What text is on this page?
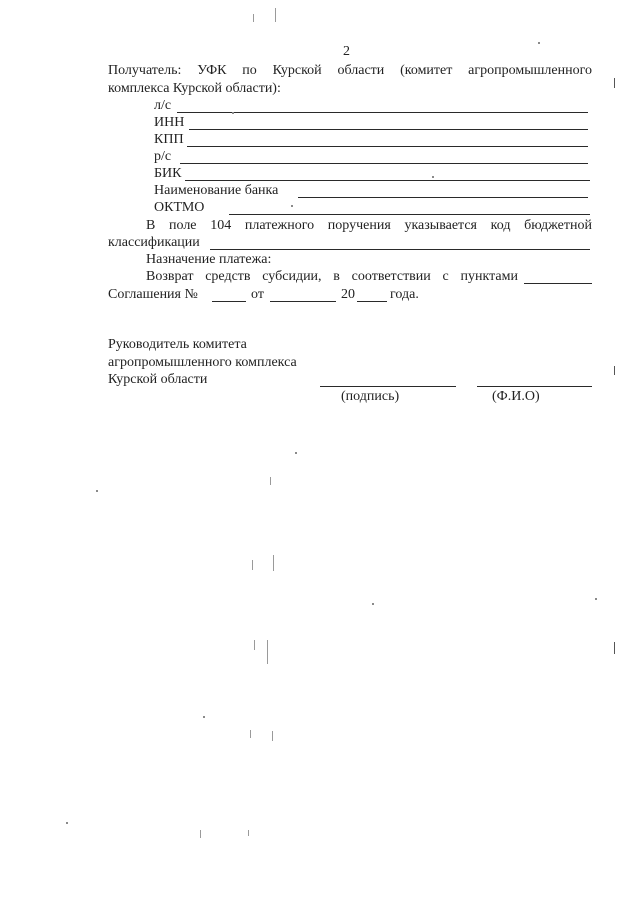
2
Получатель: УФК по Курской области (комитет агропромышленного
комплекса Курской области):
л/с
ИНН
КПП
р/с
БИК
Наименование банка
ОКТМО
В поле 104 платежного поручения указывается код бюджетной
классификации
Назначение платежа:
Возврат средств субсидии, в соответствии с пунктами
Соглашения №	от	20	года.
Руководитель комитета
агропромышленного комплекса
Курской области
(подпись)	(Ф.И.О)
